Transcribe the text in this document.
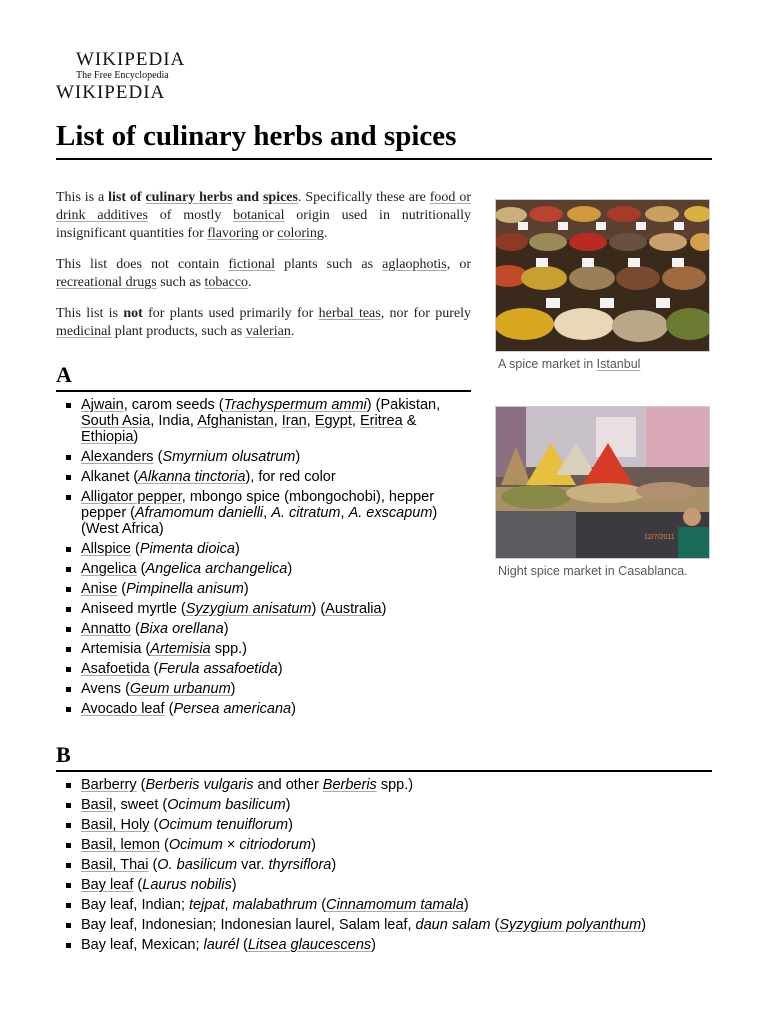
WIKIPEDIA
The Free Encyclopedia
WIKIPEDIA
List of culinary herbs and spices

This is a list of culinary herbs and spices. Specifically these are food or drink additives of mostly botanical origin used in nutritionally insignificant quantities for flavoring or coloring.

This list does not contain fictional plants such as aglaophotis, or recreational drugs such as tobacco.

This list is not for plants used primarily for herbal teas, nor for purely medicinal plant products, such as valerian.

A spice market in Istanbul
12/7/2011
Night spice market in Casablanca.
A
Ajwain, carom seeds (Trachyspermum ammi) (Pakistan, South Asia, India, Afghanistan, Iran, Egypt, Eritrea & Ethiopia)
Alexanders (Smyrnium olusatrum)
Alkanet (Alkanna tinctoria), for red color
Alligator pepper, mbongo spice (mbongochobi), hepper pepper (Aframomum danielli, A. citratum, A. exscapum) (West Africa)
Allspice (Pimenta dioica)
Angelica (Angelica archangelica)
Anise (Pimpinella anisum)
Aniseed myrtle (Syzygium anisatum) (Australia)
Annatto (Bixa orellana)
Artemisia (Artemisia spp.)
Asafoetida (Ferula assafoetida)
Avens (Geum urbanum)
Avocado leaf (Persea americana)
B
Barberry (Berberis vulgaris and other Berberis spp.)
Basil, sweet (Ocimum basilicum)
Basil, Holy (Ocimum tenuiflorum)
Basil, lemon (Ocimum × citriodorum)
Basil, Thai (O. basilicum var. thyrsiflora)
Bay leaf (Laurus nobilis)
Bay leaf, Indian; tejpat, malabathrum (Cinnamomum tamala)
Bay leaf, Indonesian; Indonesian laurel, Salam leaf, daun salam (Syzygium polyanthum)
Bay leaf, Mexican; laurél (Litsea glaucescens)
